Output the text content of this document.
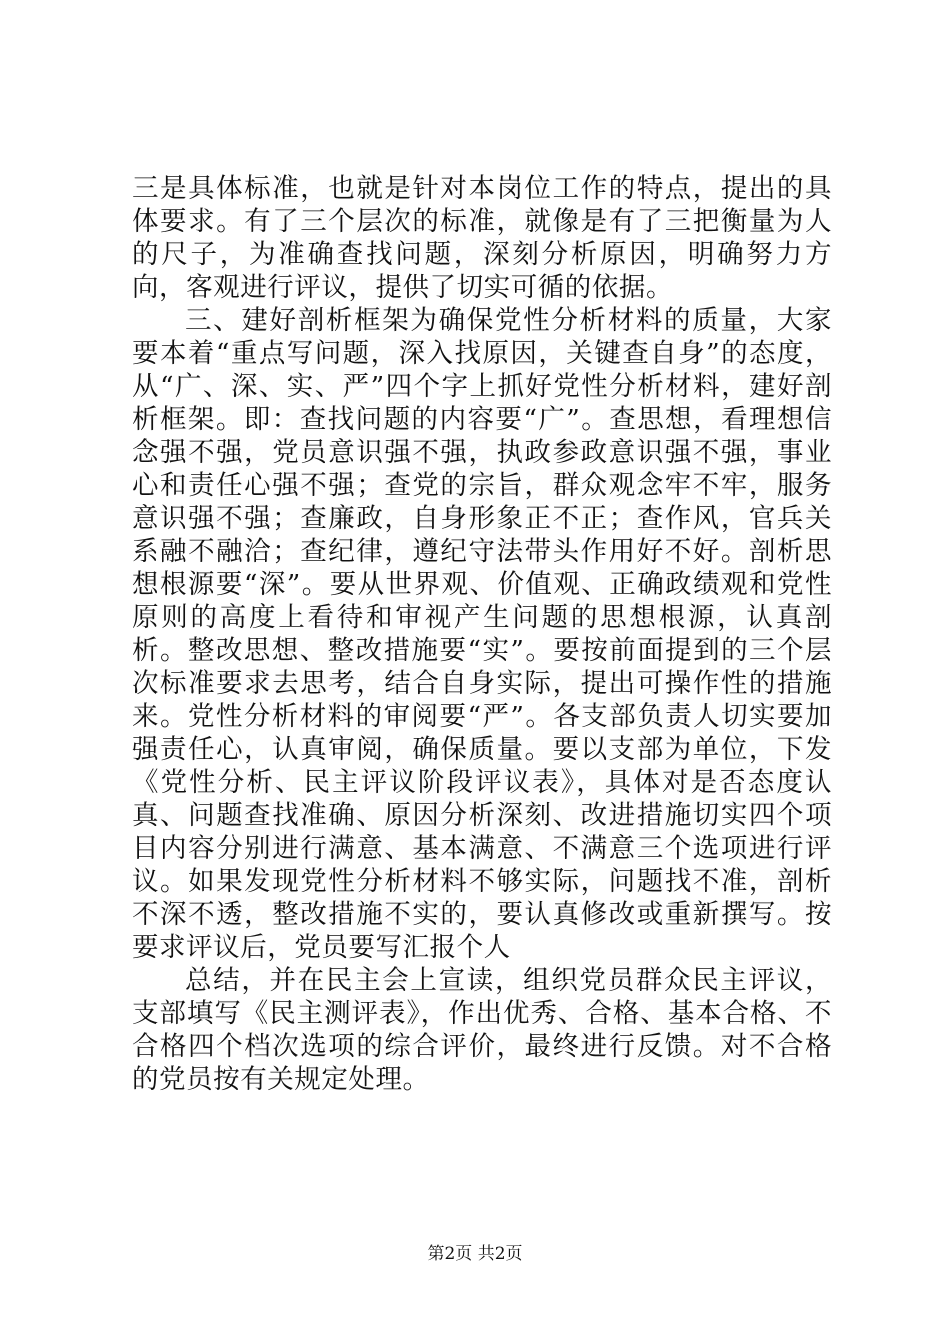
三是具体标准，也就是针对本岗位工作的特点，提出的具体要求。有了三个层次的标准，就像是有了三把衡量为人的尺子，为准确查找问题，深刻分析原因，明确努力方向，客观进行评议，提供了切实可循的依据。

三、建好剖析框架为确保党性分析材料的质量，大家要本着“重点写问题，深入找原因，关键查自身”的态度，从“广、深、实、严”四个字上抓好党性分析材料，建好剖析框架。即：查找问题的内容要“广”。查思想，看理想信念强不强，党员意识强不强，执政参政意识强不强，事业心和责任心强不强；查党的宗旨，群众观念牢不牢，服务意识强不强；查廉政，自身形象正不正；查作风，官兵关系融不融洽；查纪律，遵纪守法带头作用好不好。剖析思想根源要“深”。要从世界观、价值观、正确政绩观和党性原则的高度上看待和审视产生问题的思想根源，认真剖析。整改思想、整改措施要“实”。要按前面提到的三个层次标准要求去思考，结合自身实际，提出可操作性的措施来。党性分析材料的审阅要“严”。各支部负责人切实要加强责任心，认真审阅，确保质量。要以支部为单位，下发《党性分析、民主评议阶段评议表》，具体对是否态度认真、问题查找准确、原因分析深刻、改进措施切实四个项目内容分别进行满意、基本满意、不满意三个选项进行评议。如果发现党性分析材料不够实际，问题找不准，剖析不深不透，整改措施不实的，要认真修改或重新撰写。按要求评议后，党员要写汇报个人

总结，并在民主会上宣读，组织党员群众民主评议，支部填写《民主测评表》，作出优秀、合格、基本合格、不合格四个档次选项的综合评价，最终进行反馈。对不合格的党员按有关规定处理。

第2页 共2页
